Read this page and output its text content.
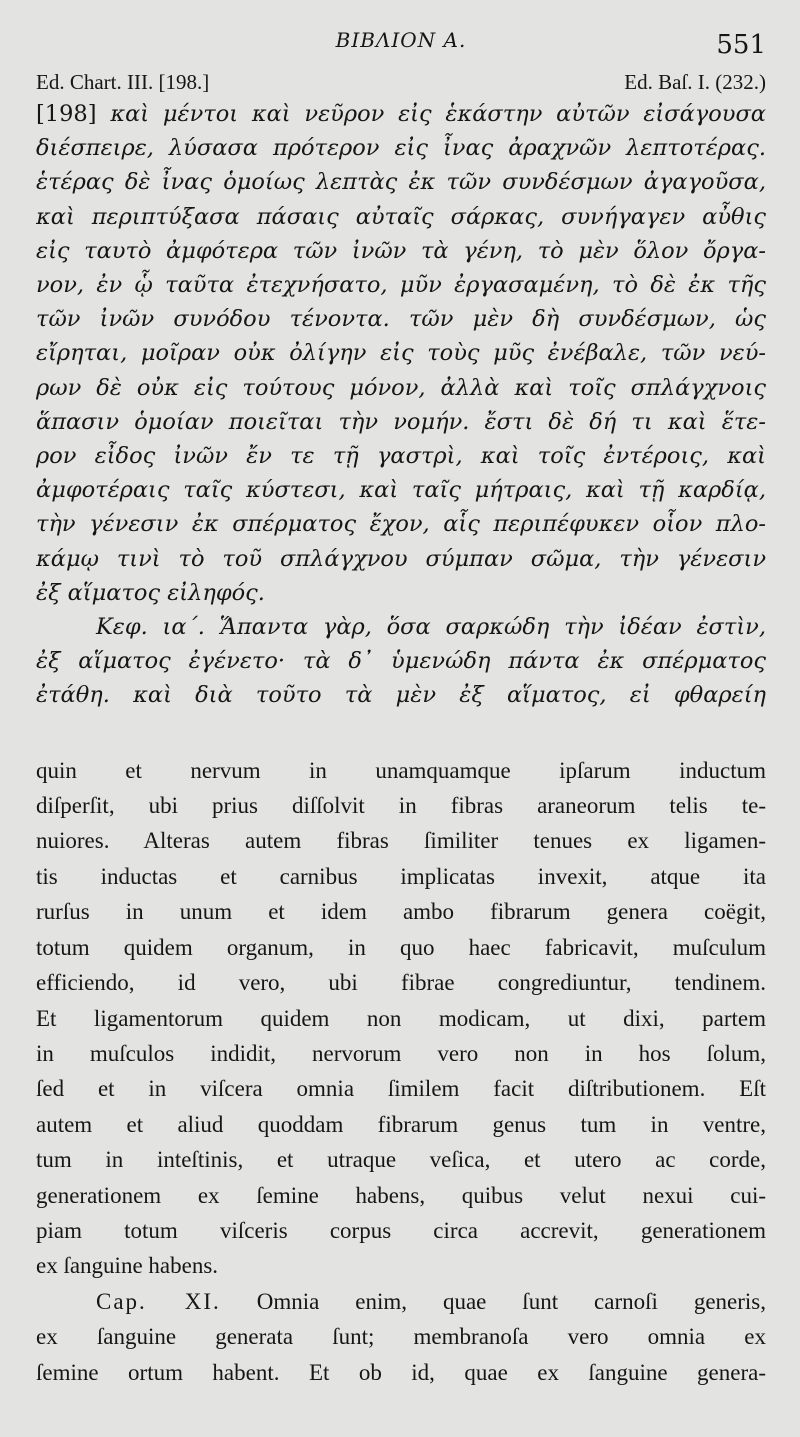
ΒΙΒΛΙΟΝ Α.	551
Ed. Chart. III. [198.]	Ed. Baſ. I. (232.)
[198] καὶ μέντοι καὶ νεῦρον εἰς ἑκάστην αὐτῶν εἰσάγουσα
διέσπειρε, λύσασα πρότερον εἰς ἶνας ἀραχνῶν λεπτοτέρας.
ἑτέρας δὲ ἶνας ὁμοίως λεπτὰς ἐκ τῶν συνδέσμων ἀγαγοῦσα,
καὶ περιπτύξασα πάσαις αὐταῖς σάρκας, συνήγαγεν αὖθις
εἰς ταυτὸ ἀμφότερα τῶν ἰνῶν τὰ γένη, τὸ μὲν ὅλον ὄργα-
νον, ἐν ᾧ ταῦτα ἐτεχνήσατο, μῦν ἐργασαμένη, τὸ δὲ ἐκ τῆς
τῶν ἰνῶν συνόδου τένοντα. τῶν μὲν δὴ συνδέσμων, ὡς
εἴρηται, μοῖραν οὐκ ὀλίγην εἰς τοὺς μῦς ἐνέβαλε, τῶν νεύ-
ρων δὲ οὐκ εἰς τούτους μόνον, ἀλλὰ καὶ τοῖς σπλάγχνοις
ἅπασιν ὁμοίαν ποιεῖται τὴν νομήν. ἔστι δὲ δή τι καὶ ἕτε-
ρον εἶδος ἰνῶν ἔν τε τῇ γαστρὶ, καὶ τοῖς ἐντέροις, καὶ
ἀμφοτέραις ταῖς κύστεσι, καὶ ταῖς μήτραις, καὶ τῇ καρδίᾳ,
τὴν γένεσιν ἐκ σπέρματος ἔχον, αἷς περιπέφυκεν οἷον πλο-
κάμῳ τινὶ τὸ τοῦ σπλάγχνου σύμπαν σῶμα, τὴν γένεσιν
ἐξ αἵματος εἰληφός.
Κεφ. ια΄. Ἅπαντα γὰρ, ὅσα σαρκώδη τὴν ἰδέαν ἐστὶν,
ἐξ αἵματος ἐγένετο· τὰ δ᾽ ὑμενώδη πάντα ἐκ σπέρματος
ἐτάθη. καὶ διὰ τοῦτο τὰ μὲν ἐξ αἵματος, εἰ φθαρείη
quin et nervum in unamquamque ipſarum inductum
diſperſit, ubi prius diſſolvit in fibras araneorum telis te-
nuiores. Alteras autem fibras ſimiliter tenues ex ligamen-
tis inductas et carnibus implicatas invexit, atque ita
rurſus in unum et idem ambo fibrarum genera coëgit,
totum quidem organum, in quo haec fabricavit, muſculum
efficiendo, id vero, ubi fibrae congrediuntur, tendinem.
Et ligamentorum quidem non modicam, ut dixi, partem
in muſculos indidit, nervorum vero non in hos ſolum,
ſed et in viſcera omnia ſimilem facit diſtributionem. Eſt
autem et aliud quoddam fibrarum genus tum in ventre,
tum in inteſtinis, et utraque veſica, et utero ac corde,
generationem ex ſemine habens, quibus velut nexui cui-
piam totum viſceris corpus circa accrevit, generationem
ex ſanguine habens.
Cap. XI. Omnia enim, quae ſunt carnoſi generis,
ex ſanguine generata ſunt; membranoſa vero omnia ex
ſemine ortum habent. Et ob id, quae ex ſanguine genera-
